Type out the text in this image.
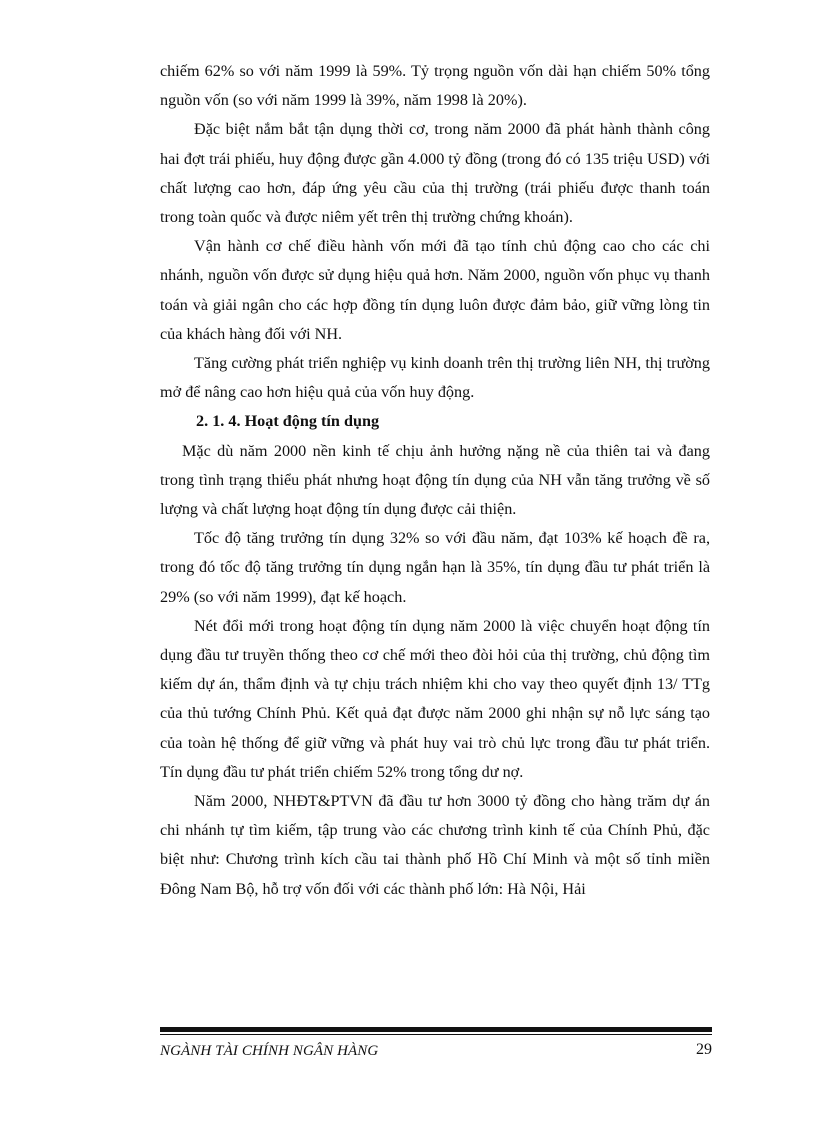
chiếm 62% so với năm 1999 là 59%. Tỷ trọng nguồn vốn dài hạn chiếm 50% tổng nguồn vốn (so với năm 1999 là 39%, năm 1998 là 20%).

Đặc biệt nắm bắt tận dụng thời cơ, trong năm 2000 đã phát hành thành công hai đợt trái phiếu, huy động được gần 4.000 tỷ đồng (trong đó có 135 triệu USD) với chất lượng cao hơn, đáp ứng yêu cầu của thị trường (trái phiếu được thanh toán trong toàn quốc và được niêm yết trên thị trường chứng khoán).

Vận hành cơ chế điều hành vốn mới đã tạo tính chủ động cao cho các chi nhánh, nguồn vốn được sử dụng hiệu quả hơn. Năm 2000, nguồn vốn phục vụ thanh toán và giải ngân cho các hợp đồng tín dụng luôn được đảm bảo, giữ vững lòng tin của khách hàng đối với NH.

Tăng cường phát triển nghiệp vụ kinh doanh trên thị trường liên NH, thị trường mở để nâng cao hơn hiệu quả của vốn huy động.

2. 1. 4. Hoạt động tín dụng

Mặc dù năm 2000 nền kinh tế chịu ảnh hưởng nặng nề của thiên tai và đang trong tình trạng thiểu phát nhưng hoạt động tín dụng của NH vẫn tăng trưởng về số lượng và chất lượng hoạt động tín dụng được cải thiện.

Tốc độ tăng trưởng tín dụng 32% so với đầu năm, đạt 103% kế hoạch đề ra, trong đó tốc độ tăng trưởng tín dụng ngắn hạn là 35%, tín dụng đầu tư phát triển là 29% (so với năm 1999), đạt kế hoạch.

Nét đổi mới trong hoạt động tín dụng năm 2000 là việc chuyển hoạt động tín dụng đầu tư truyền thống theo cơ chế mới theo đòi hỏi của thị trường, chủ động tìm kiếm dự án, thẩm định và tự chịu trách nhiệm khi cho vay theo quyết định 13/ TTg của thủ tướng Chính Phủ. Kết quả đạt được năm 2000 ghi nhận sự nỗ lực sáng tạo của toàn hệ thống để giữ vững và phát huy vai trò chủ lực trong đầu tư phát triển. Tín dụng đầu tư phát triển chiếm 52% trong tổng dư nợ.

Năm 2000, NHĐT&PTVN đã đầu tư hơn 3000 tỷ đồng cho hàng trăm dự án chi nhánh tự tìm kiếm, tập trung vào các chương trình kinh tế của Chính Phủ, đặc biệt như: Chương trình kích cầu tai thành phố Hồ Chí Minh và một số tỉnh miền Đông Nam Bộ, hỗ trợ vốn đối với các thành phố lớn: Hà Nội, Hải

NGÀNH TÀI CHÍNH NGÂN HÀNG	29
